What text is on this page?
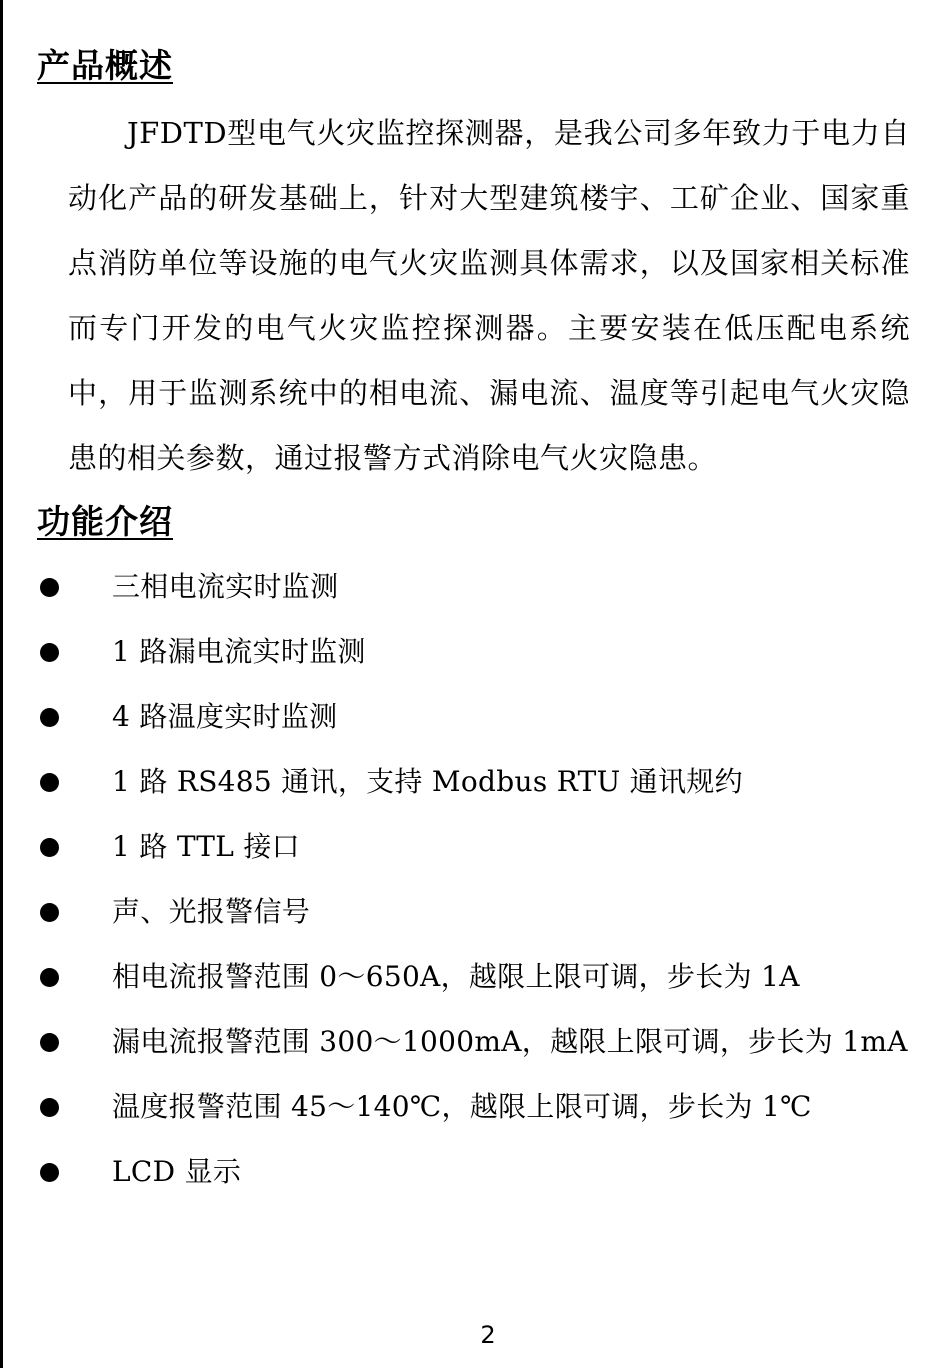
产品概述

JFDTD型电气火灾监控探测器，是我公司多年致力于电力自动化产品的研发基础上，针对大型建筑楼宇、工矿企业、国家重点消防单位等设施的电气火灾监测具体需求，以及国家相关标准而专门开发的电气火灾监控探测器。主要安装在低压配电系统中，用于监测系统中的相电流、漏电流、温度等引起电气火灾隐患的相关参数，通过报警方式消除电气火灾隐患。

功能介绍
三相电流实时监测
1 路漏电流实时监测
4 路温度实时监测
1 路 RS485 通讯，支持 Modbus RTU 通讯规约
1 路 TTL 接口
声、光报警信号
相电流报警范围 0～650A，越限上限可调，步长为 1A
漏电流报警范围 300～1000mA，越限上限可调，步长为 1mA
温度报警范围 45～140℃，越限上限可调，步长为 1℃
LCD 显示
2
